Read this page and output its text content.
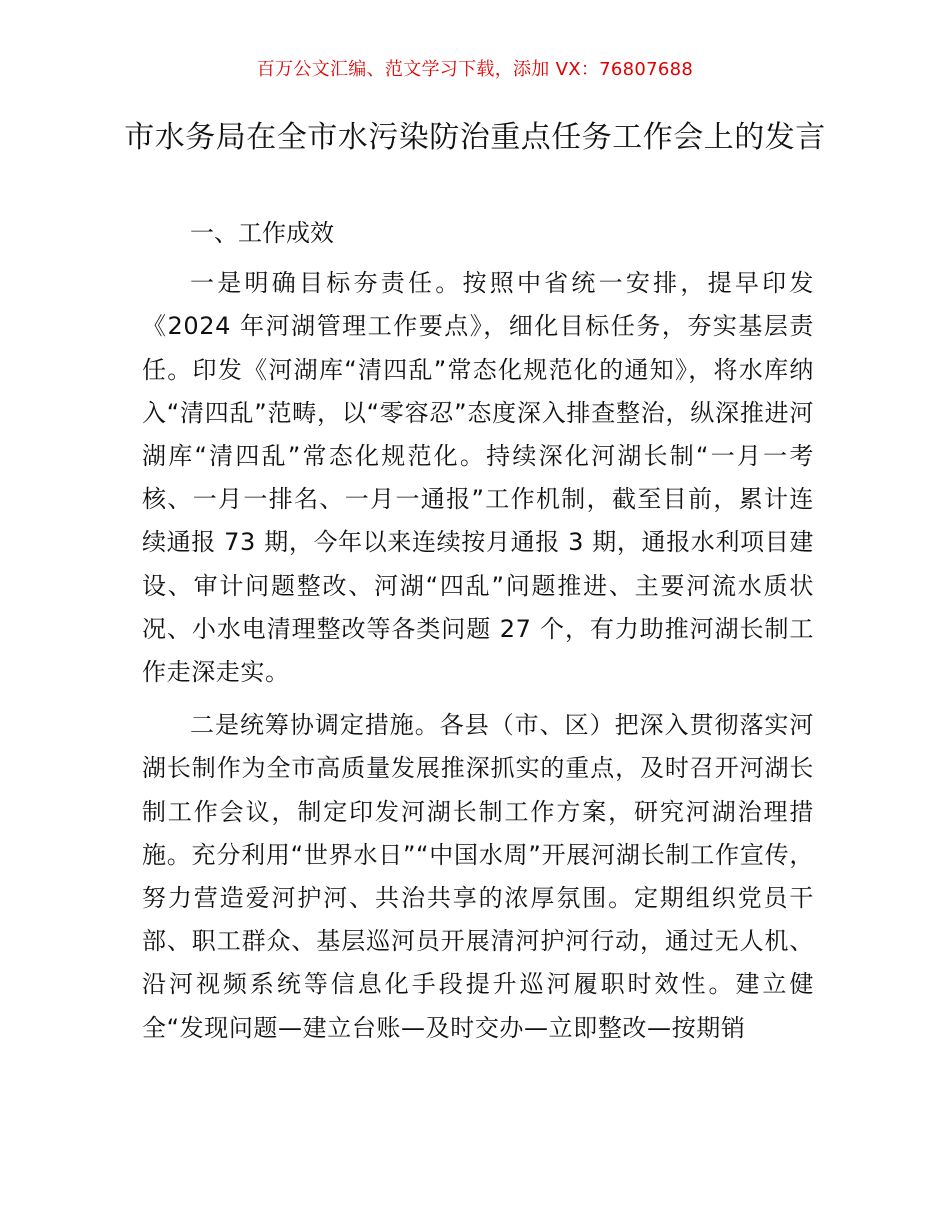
百万公文汇编、范文学习下载，添加 VX：76807688
市水务局在全市水污染防治重点任务工作会上的发言
一、工作成效

一是明确目标夯责任。按照中省统一安排，提早印发《2024 年河湖管理工作要点》，细化目标任务，夯实基层责任。印发《河湖库“清四乱”常态化规范化的通知》，将水库纳入“清四乱”范畴，以“零容忍”态度深入排查整治，纵深推进河湖库“清四乱”常态化规范化。持续深化河湖长制“一月一考核、一月一排名、一月一通报”工作机制，截至目前，累计连续通报 73 期，今年以来连续按月通报 3 期，通报水利项目建设、审计问题整改、河湖“四乱”问题推进、主要河流水质状况、小水电清理整改等各类问题 27 个，有力助推河湖长制工作走深走实。

二是统筹协调定措施。各县（市、区）把深入贯彻落实河湖长制作为全市高质量发展推深抓实的重点，及时召开河湖长制工作会议，制定印发河湖长制工作方案，研究河湖治理措施。充分利用“世界水日”“中国水周”开展河湖长制工作宣传，努力营造爱河护河、共治共享的浓厚氛围。定期组织党员干部、职工群众、基层巡河员开展清河护河行动，通过无人机、沿河视频系统等信息化手段提升巡河履职时效性。建立健全“发现问题—建立台账—及时交办—立即整改—按期销
